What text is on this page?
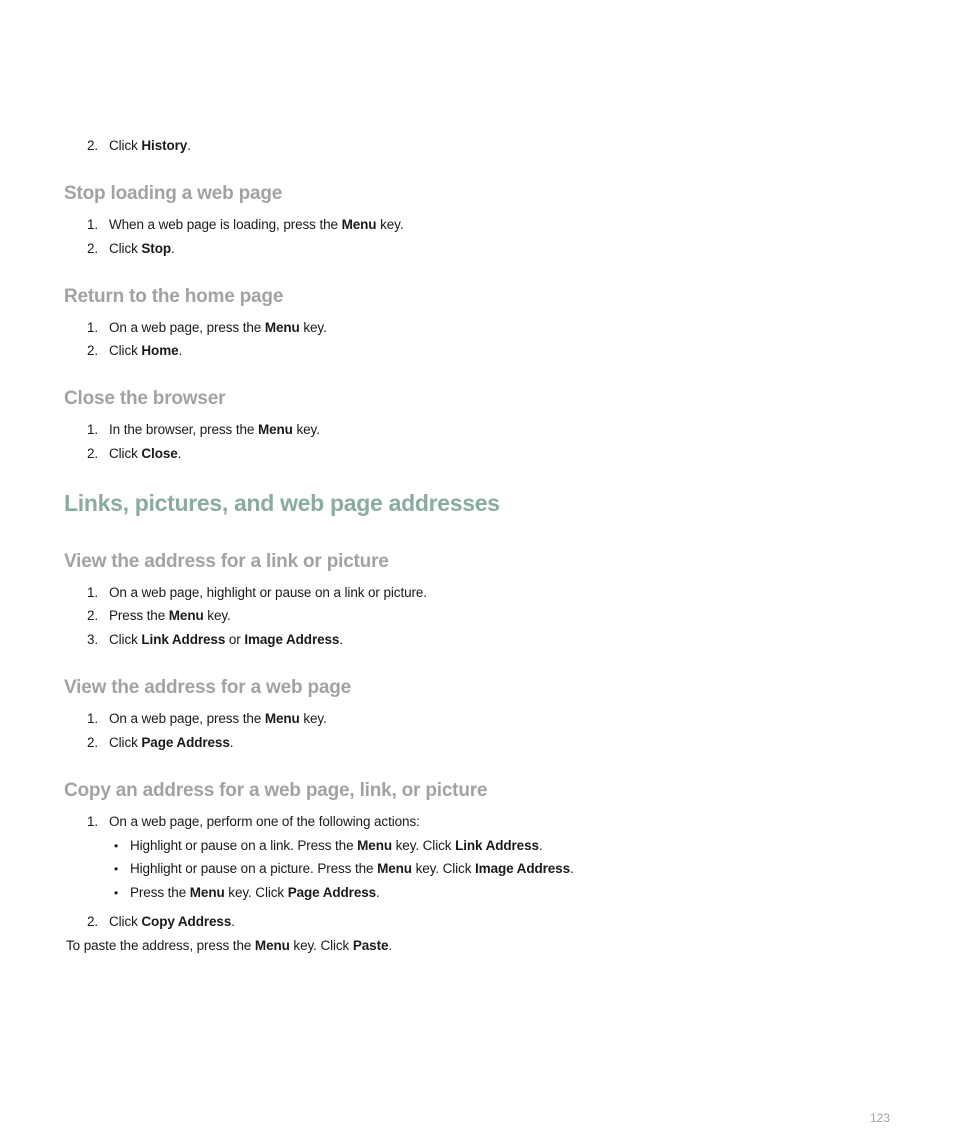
2. Click History.
Stop loading a web page
1. When a web page is loading, press the Menu key.
2. Click Stop.
Return to the home page
1. On a web page, press the Menu key.
2. Click Home.
Close the browser
1. In the browser, press the Menu key.
2. Click Close.
Links, pictures, and web page addresses
View the address for a link or picture
1. On a web page, highlight or pause on a link or picture.
2. Press the Menu key.
3. Click Link Address or Image Address.
View the address for a web page
1. On a web page, press the Menu key.
2. Click Page Address.
Copy an address for a web page, link, or picture
1. On a web page, perform one of the following actions:
• Highlight or pause on a link. Press the Menu key. Click Link Address.
• Highlight or pause on a picture. Press the Menu key. Click Image Address.
• Press the Menu key. Click Page Address.
2. Click Copy Address.
To paste the address, press the Menu key. Click Paste.
123
